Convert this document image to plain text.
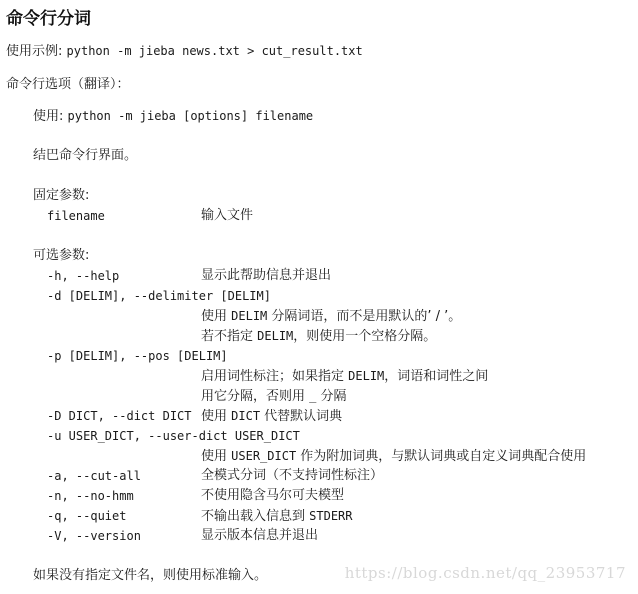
命令行分词
使用示例: python -m jieba news.txt > cut_result.txt
命令行选项（翻译）：
使用: python -m jieba [options] filename
结巴命令行界面。
固定参数:
filename	输入文件
可选参数:
-h, --help	显示此帮助信息并退出
-d [DELIM], --delimiter [DELIM]
使用 DELIM 分隔词语，而不是用默认的’ / ’。
若不指定 DELIM，则使用一个空格分隔。
-p [DELIM], --pos [DELIM]
启用词性标注；如果指定 DELIM，词语和词性之间
用它分隔，否则用 _ 分隔
-D DICT, --dict DICT 使用 DICT 代替默认词典
-u USER_DICT, --user-dict USER_DICT
使用 USER_DICT 作为附加词典，与默认词典或自定义词典配合使用
-a, --cut-all	全模式分词（不支持词性标注）
-n, --no-hmm	不使用隐含马尔可夫模型
-q, --quiet	不输出载入信息到 STDERR
-V, --version	显示版本信息并退出
如果没有指定文件名，则使用标准输入。	https://blog.csdn.net/qq_23953717
